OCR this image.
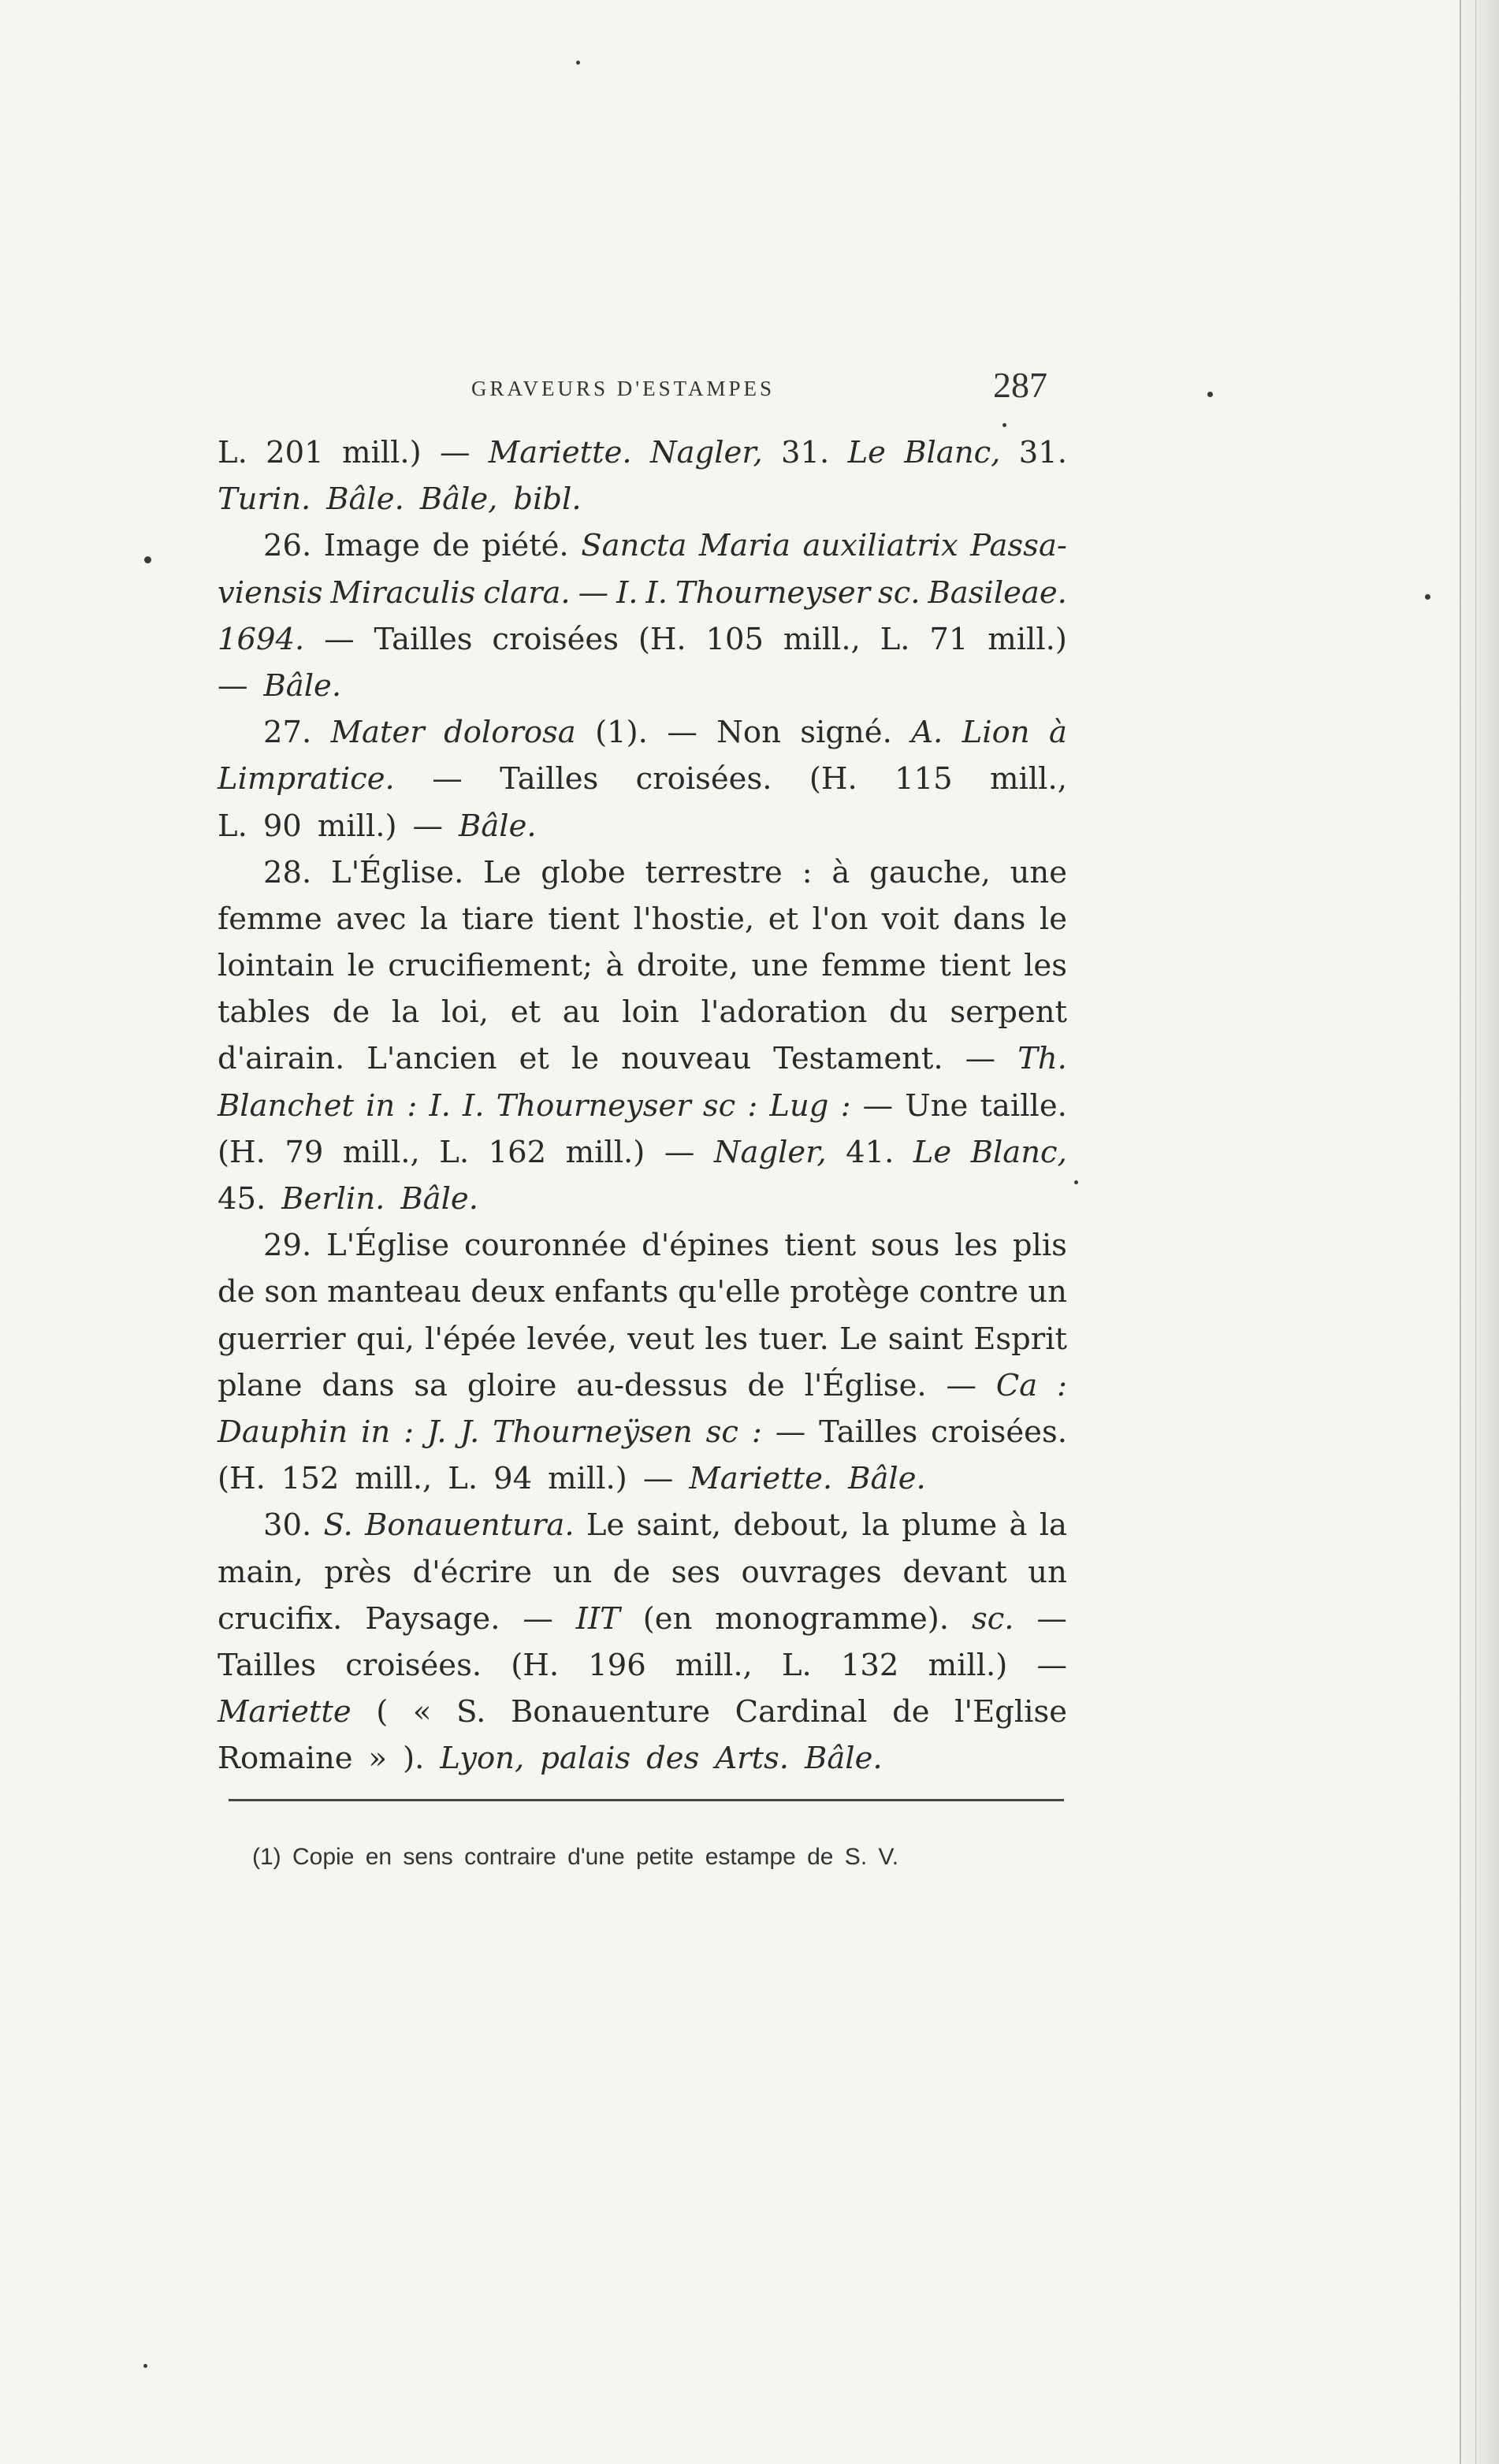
GRAVEURS D'ESTAMPES	287
L. 201 mill.) — Mariette. Nagler, 31. Le Blanc, 31.
Turin. Bâle. Bâle, bibl.
26. Image de piété. Sancta Maria auxiliatrix Passa-
viensis Miraculis clara. — I. I. Thourneyser sc. Basileae.
1694. — Tailles croisées (H. 105 mill., L. 71 mill.)
— Bâle.
27. Mater dolorosa (1). — Non signé. A. Lion à
Limpratice. — Tailles croisées. (H. 115 mill.,
L. 90 mill.) — Bâle.
28. L'Église. Le globe terrestre : à gauche, une
femme avec la tiare tient l'hostie, et l'on voit dans le
lointain le crucifiement; à droite, une femme tient les
tables de la loi, et au loin l'adoration du serpent
d'airain. L'ancien et le nouveau Testament. — Th.
Blanchet in : I. I. Thourneyser sc : Lug : — Une taille.
(H. 79 mill., L. 162 mill.) — Nagler, 41. Le Blanc,
45. Berlin. Bâle.
29. L'Église couronnée d'épines tient sous les plis
de son manteau deux enfants qu'elle protège contre un
guerrier qui, l'épée levée, veut les tuer. Le saint Esprit
plane dans sa gloire au-dessus de l'Église. — Ca :
Dauphin in : J. J. Thourneÿsen sc : — Tailles croisées.
(H. 152 mill., L. 94 mill.) — Mariette. Bâle.
30. S. Bonauentura. Le saint, debout, la plume à la
main, près d'écrire un de ses ouvrages devant un
crucifix. Paysage. — IIT (en monogramme). sc. —
Tailles croisées. (H. 196 mill., L. 132 mill.) —
Mariette ( « S. Bonauenture Cardinal de l'Eglise
Romaine » ). Lyon, palais des Arts. Bâle.
(1) Copie en sens contraire d'une petite estampe de S. V.
